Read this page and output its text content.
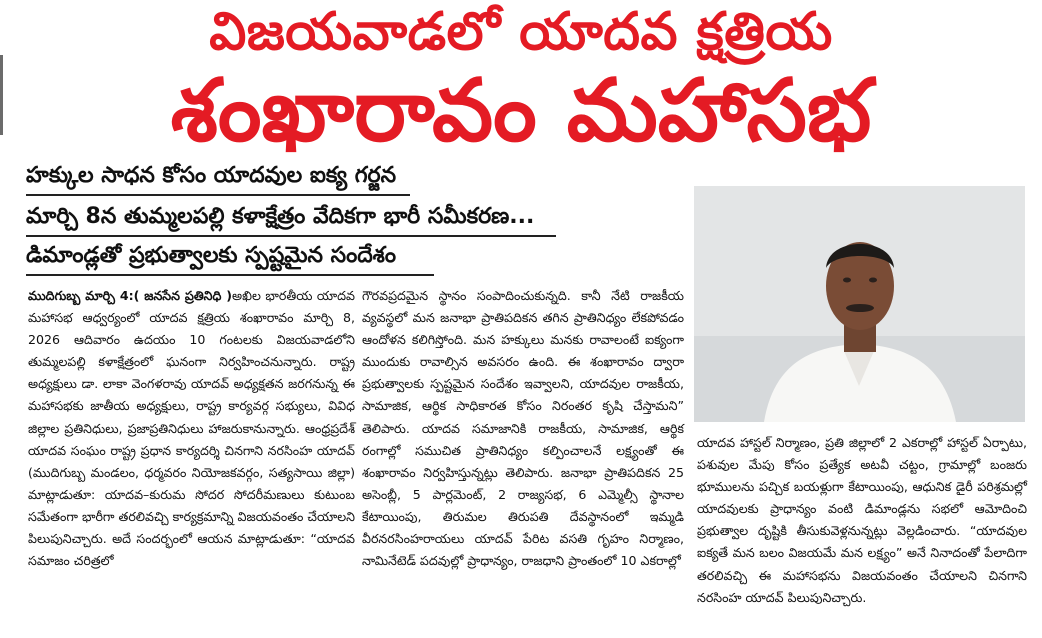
విజయవాడలో యాదవ క్షత్రియ
శంఖారావం మహాసభ
హక్కుల సాధన కోసం యాదవుల ఐక్య గర్జన
మార్చి 8న తుమ్మలపల్లి కళాక్షేత్రం వేదికగా భారీ సమీకరణ...
డిమాండ్లతో ప్రభుత్వాలకు స్పష్టమైన సందేశం

ముదిగుబ్బ మార్చి 4:( జనసేన ప్రతినిధి )అఖిల భారతీయ యాదవ మహాసభ ఆధ్వర్యంలో యాదవ క్షత్రియ శంఖారావం మార్చి 8, 2026 ఆదివారం ఉదయం 10 గంటలకు విజయవాడలోని తుమ్మలపల్లి కళాక్షేత్రంలో ఘనంగా నిర్వహించనున్నారు. రాష్ట్ర అధ్యక్షులు డా. లాకా వెంగళరావు యాదవ్ అధ్యక్షతన జరగనున్న ఈ మహాసభకు జాతీయ అధ్యక్షులు, రాష్ట్ర కార్యవర్గ సభ్యులు, వివిధ జిల్లాల ప్రతినిధులు, ప్రజాప్రతినిధులు హాజరుకానున్నారు. ఆంధ్రప్రదేశ్ యాదవ సంఘం రాష్ట్ర ప్రధాన కార్యదర్శి చినగాని నరసింహ యాదవ్ (ముదిగుబ్బ మండలం, ధర్మవరం నియోజకవర్గం, సత్యసాయి జిల్లా) మాట్లాడుతూ: యాదవ–కురుమ సోదర సోదరీమణులు కుటుంబ సమేతంగా భారీగా తరలివచ్చి కార్యక్రమాన్ని విజయవంతం చేయాలని పిలుపునిచ్చారు. అదే సందర్భంలో ఆయన మాట్లాడుతూ: “యాదవ సమాజం చరిత్రలో

గౌరవప్రదమైన స్థానం సంపాదించుకున్నది. కానీ నేటి రాజకీయ వ్యవస్థలో మన జనాభా ప్రాతిపదికన తగిన ప్రాతినిధ్యం లేకపోవడం ఆందోళన కలిగిస్తోంది. మన హక్కులు మనకు రావాలంటే ఐక్యంగా ముందుకు రావాల్సిన అవసరం ఉంది. ఈ శంఖారావం ద్వారా ప్రభుత్వాలకు స్పష్టమైన సందేశం ఇవ్వాలని, యాదవుల రాజకీయ, సామాజిక, ఆర్థిక సాధికారత కోసం నిరంతర కృషి చేస్తామని” తెలిపారు. యాదవ సమాజానికి రాజకీయ, సామాజిక, ఆర్థిక రంగాల్లో సముచిత ప్రాతినిధ్యం కల్పించాలనే లక్ష్యంతో ఈ శంఖారావం నిర్వహిస్తున్నట్లు తెలిపారు. జనాభా ప్రాతిపదికన 25 అసెంబ్లీ, 5 పార్లమెంట్, 2 రాజ్యసభ, 6 ఎమ్మెల్సీ స్థానాల కేటాయింపు, తిరుమల తిరుపతి దేవస్థానంలో ఇమ్మడి వీరనరసింహరాయలు యాదవ్ పేరిట వసతి గృహం నిర్మాణం, నామినేటెడ్ పదవుల్లో ప్రాధాన్యం, రాజధాని ప్రాంతంలో 10 ఎకరాల్లో

యాదవ హాస్టల్ నిర్మాణం, ప్రతి జిల్లాలో 2 ఎకరాల్లో హాస్టల్ ఏర్పాటు, పశువుల మేపు కోసం ప్రత్యేక అటవీ చట్టం, గ్రామాల్లో బంజరు భూములను పచ్చిక బయళ్లుగా కేటాయింపు, ఆధునిక డైరీ పరిశ్రమల్లో యాదవులకు ప్రాధాన్యం వంటి డిమాండ్లను సభలో ఆమోదించి ప్రభుత్వాల దృష్టికి తీసుకువెళ్లనున్నట్లు వెల్లడించారు. “యాదవుల ఐక్యతే మన బలం విజయమే మన లక్ష్యం” అనే నినాదంతో పేలాదిగా తరలివచ్చి ఈ మహాసభను విజయవంతం చేయాలని చినగాని నరసింహ యాదవ్ పిలుపునిచ్చారు.
